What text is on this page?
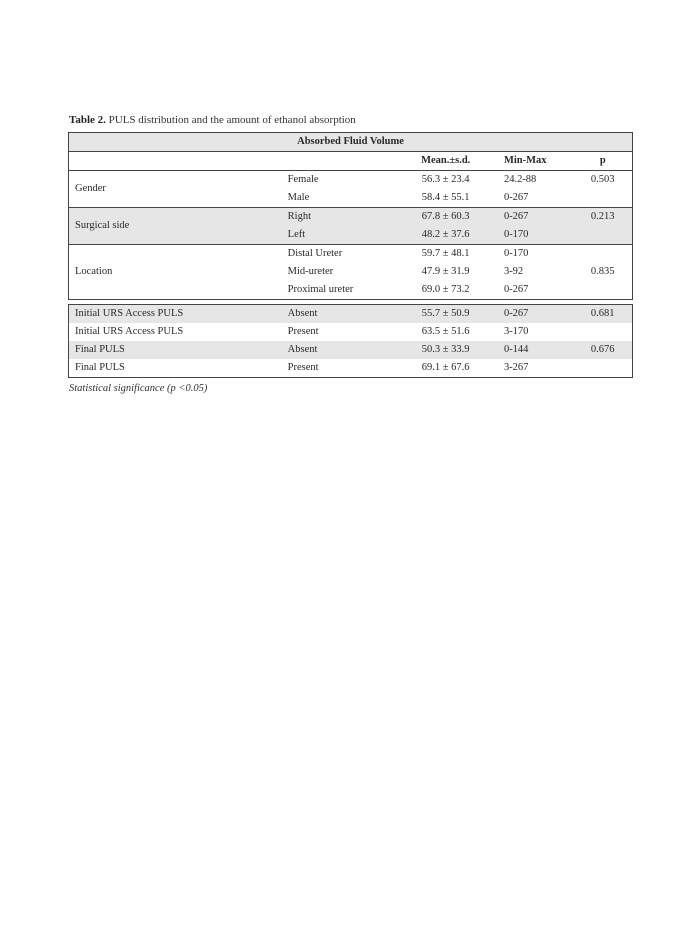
Table 2. PULS distribution and the amount of ethanol absorption
Absorbed Fluid Volume				
		Mean.±s.d.	Min-Max	p
Gender	Female	56.3 ± 23.4	24.2-88	0.503
	Male	58.4 ± 55.1	0-267	
Surgical side	Right	67.8 ± 60.3	0-267	0.213
	Left	48.2 ± 37.6	0-170	
Location	Distal Ureter	59.7 ± 48.1	0-170	0.835
	Mid-ureter	47.9 ± 31.9	3-92	
	Proximal ureter	69.0 ± 73.2	0-267	
Initial URS Access PULS	Absent	55.7 ± 50.9	0-267	0.681
Initial URS Access PULS	Present	63.5 ± 51.6	3-170	
Final PULS	Absent	50.3 ± 33.9	0-144	0.676
Final PULS	Present	69.1 ± 67.6	3-267	
Statistical significance (p <0.05)
